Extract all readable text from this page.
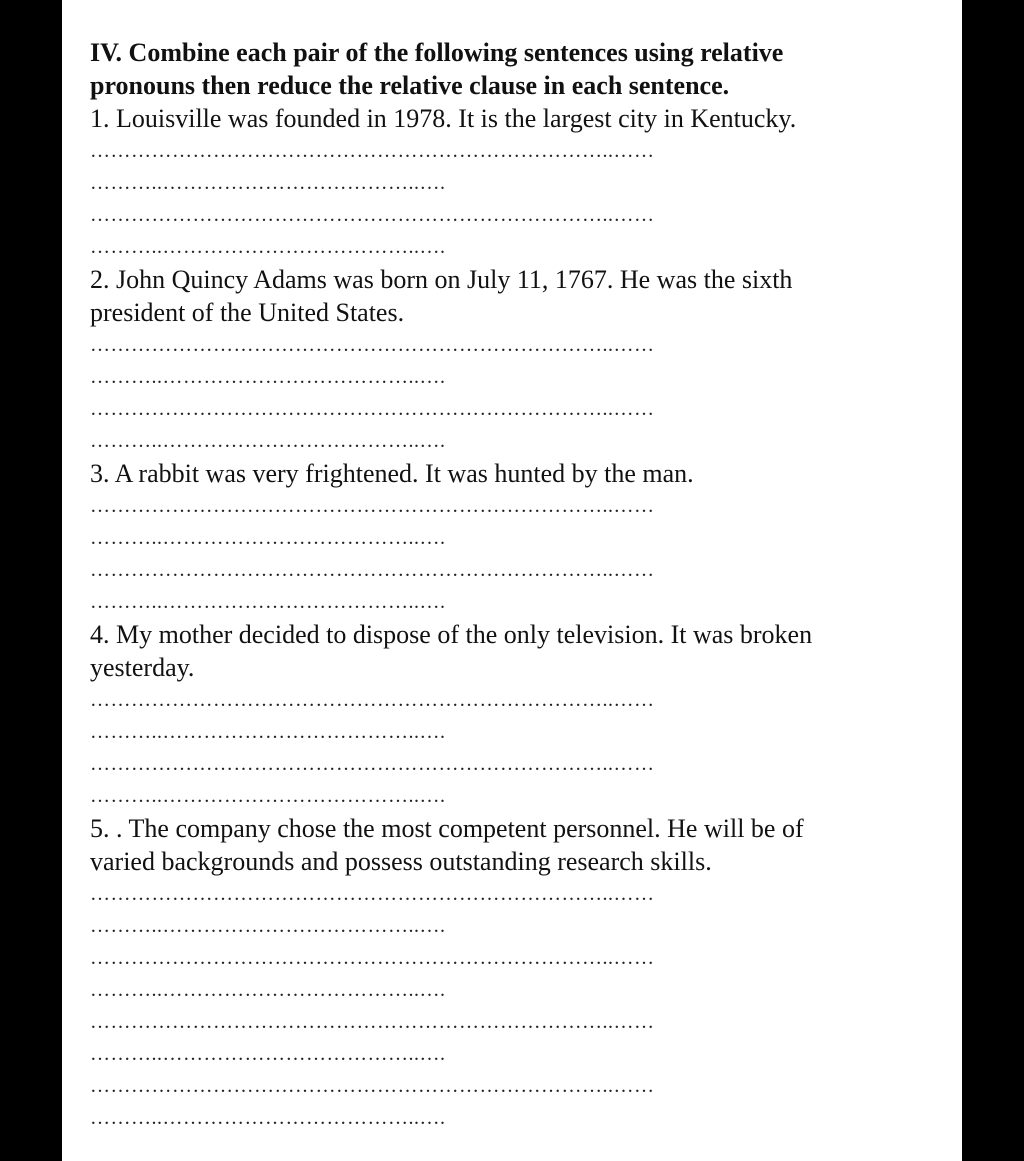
IV. Combine each pair of the following sentences using relative
pronouns then reduce the relative clause in each sentence.

1. Louisville was founded in 1978. It is the largest city in Kentucky.

…………………………………………………………………..……
………..………………………………..….
…………………………………………………………………..……
………..………………………………..….

2. John Quincy Adams was born on July 11, 1767. He was the sixth
president of the United States.

…………………………………………………………………..……
………..………………………………..….
…………………………………………………………………..……
………..………………………………..….

3. A rabbit was very frightened. It was hunted by the man.

…………………………………………………………………..……
………..………………………………..….
…………………………………………………………………..……
………..………………………………..….

4. My mother decided to dispose of the only television. It was broken
yesterday.

…………………………………………………………………..……
………..………………………………..….
…………………………………………………………………..……
………..………………………………..….

5. . The company chose the most competent personnel. He will be of
varied backgrounds and possess outstanding research skills.

…………………………………………………………………..……
………..………………………………..….
…………………………………………………………………..……
………..………………………………..….
…………………………………………………………………..……
………..………………………………..….
…………………………………………………………………..……
………..………………………………..….
